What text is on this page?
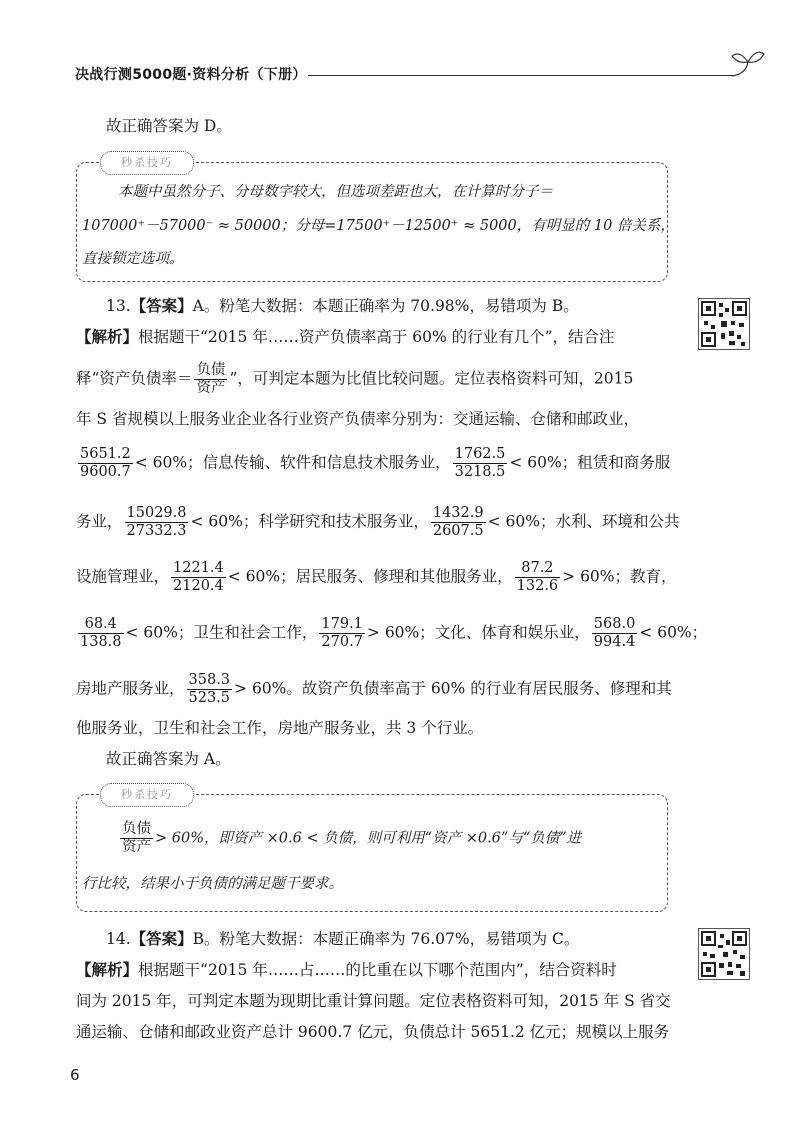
决战行测5000题·资料分析（下册）
故正确答案为 D。
秒杀技巧
本题中虽然分子、分母数字较大，但选项差距也大，在计算时分子＝
107000⁺－57000⁻ ≈ 50000；分母=17500⁺－12500⁺ ≈ 5000，有明显的 10 倍关系，
直接锁定选项。
13.【答案】A。粉笔大数据：本题正确率为 70.98%，易错项为 B。
【解析】根据题干“2015 年……资产负债率高于 60% 的行业有几个”，结合注
释“资产负债率＝ $\frac{\text{负债}}{\text{资产}}$ ”，可判定本题为比值比较问题。定位表格资料可知，2015
年 S 省规模以上服务业企业各行业资产负债率分别为：交通运输、仓储和邮政业，
$\frac{5651.2}{9600.7} < 60\%$；信息传输、软件和信息技术服务业， $\frac{1762.5}{3218.5} < 60\%$；租赁和商务服
务业， $\frac{15029.8}{27332.3} < 60\%$；科学研究和技术服务业， $\frac{1432.9}{2607.5} < 60\%$；水利、环境和公共
设施管理业， $\frac{1221.4}{2120.4} < 60\%$；居民服务、修理和其他服务业， $\frac{87.2}{132.6} > 60\%$；教育，
$\frac{68.4}{138.8} < 60\%$；卫生和社会工作， $\frac{179.1}{270.7} > 60\%$；文化、体育和娱乐业， $\frac{568.0}{994.4} < 60\%$；
房地产服务业， $\frac{358.3}{523.5} > 60\%$。故资产负债率高于 60% 的行业有居民服务、修理和其
他服务业，卫生和社会工作，房地产服务业，共 3 个行业。
故正确答案为 A。
秒杀技巧
$\frac{\text{负债}}{\text{资产}} > 60\%$，即资产 ×0.6 < 负债，则可利用“资产 ×0.6”与“负债”进
行比较，结果小于负债的满足题干要求。
14.【答案】B。粉笔大数据：本题正确率为 76.07%，易错项为 C。
【解析】根据题干“2015 年……占……的比重在以下哪个范围内”，结合资料时
间为 2015 年，可判定本题为现期比重计算问题。定位表格资料可知，2015 年 S 省交
通运输、仓储和邮政业资产总计 9600.7 亿元，负债总计 5651.2 亿元；规模以上服务
6
